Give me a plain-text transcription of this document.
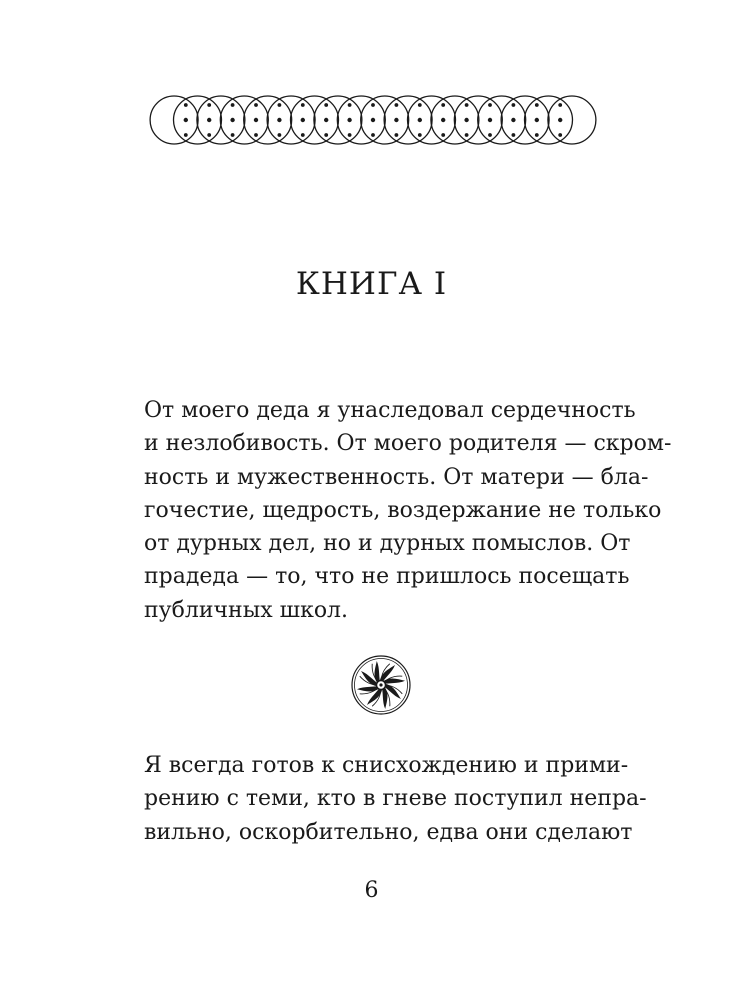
КНИГА I
От моего деда я унаследовал сердечность
и незлобивость. От моего родителя — скром-
ность и мужественность. От матери — бла-
гочестие, щедрость, воздержание не только
от дурных дел, но и дурных помыслов. От
прадеда — то, что не пришлось посещать
публичных школ.
Я всегда готов к снисхождению и прими-
рению с теми, кто в гневе поступил непра-
вильно, оскорбительно, едва они сделают
6
